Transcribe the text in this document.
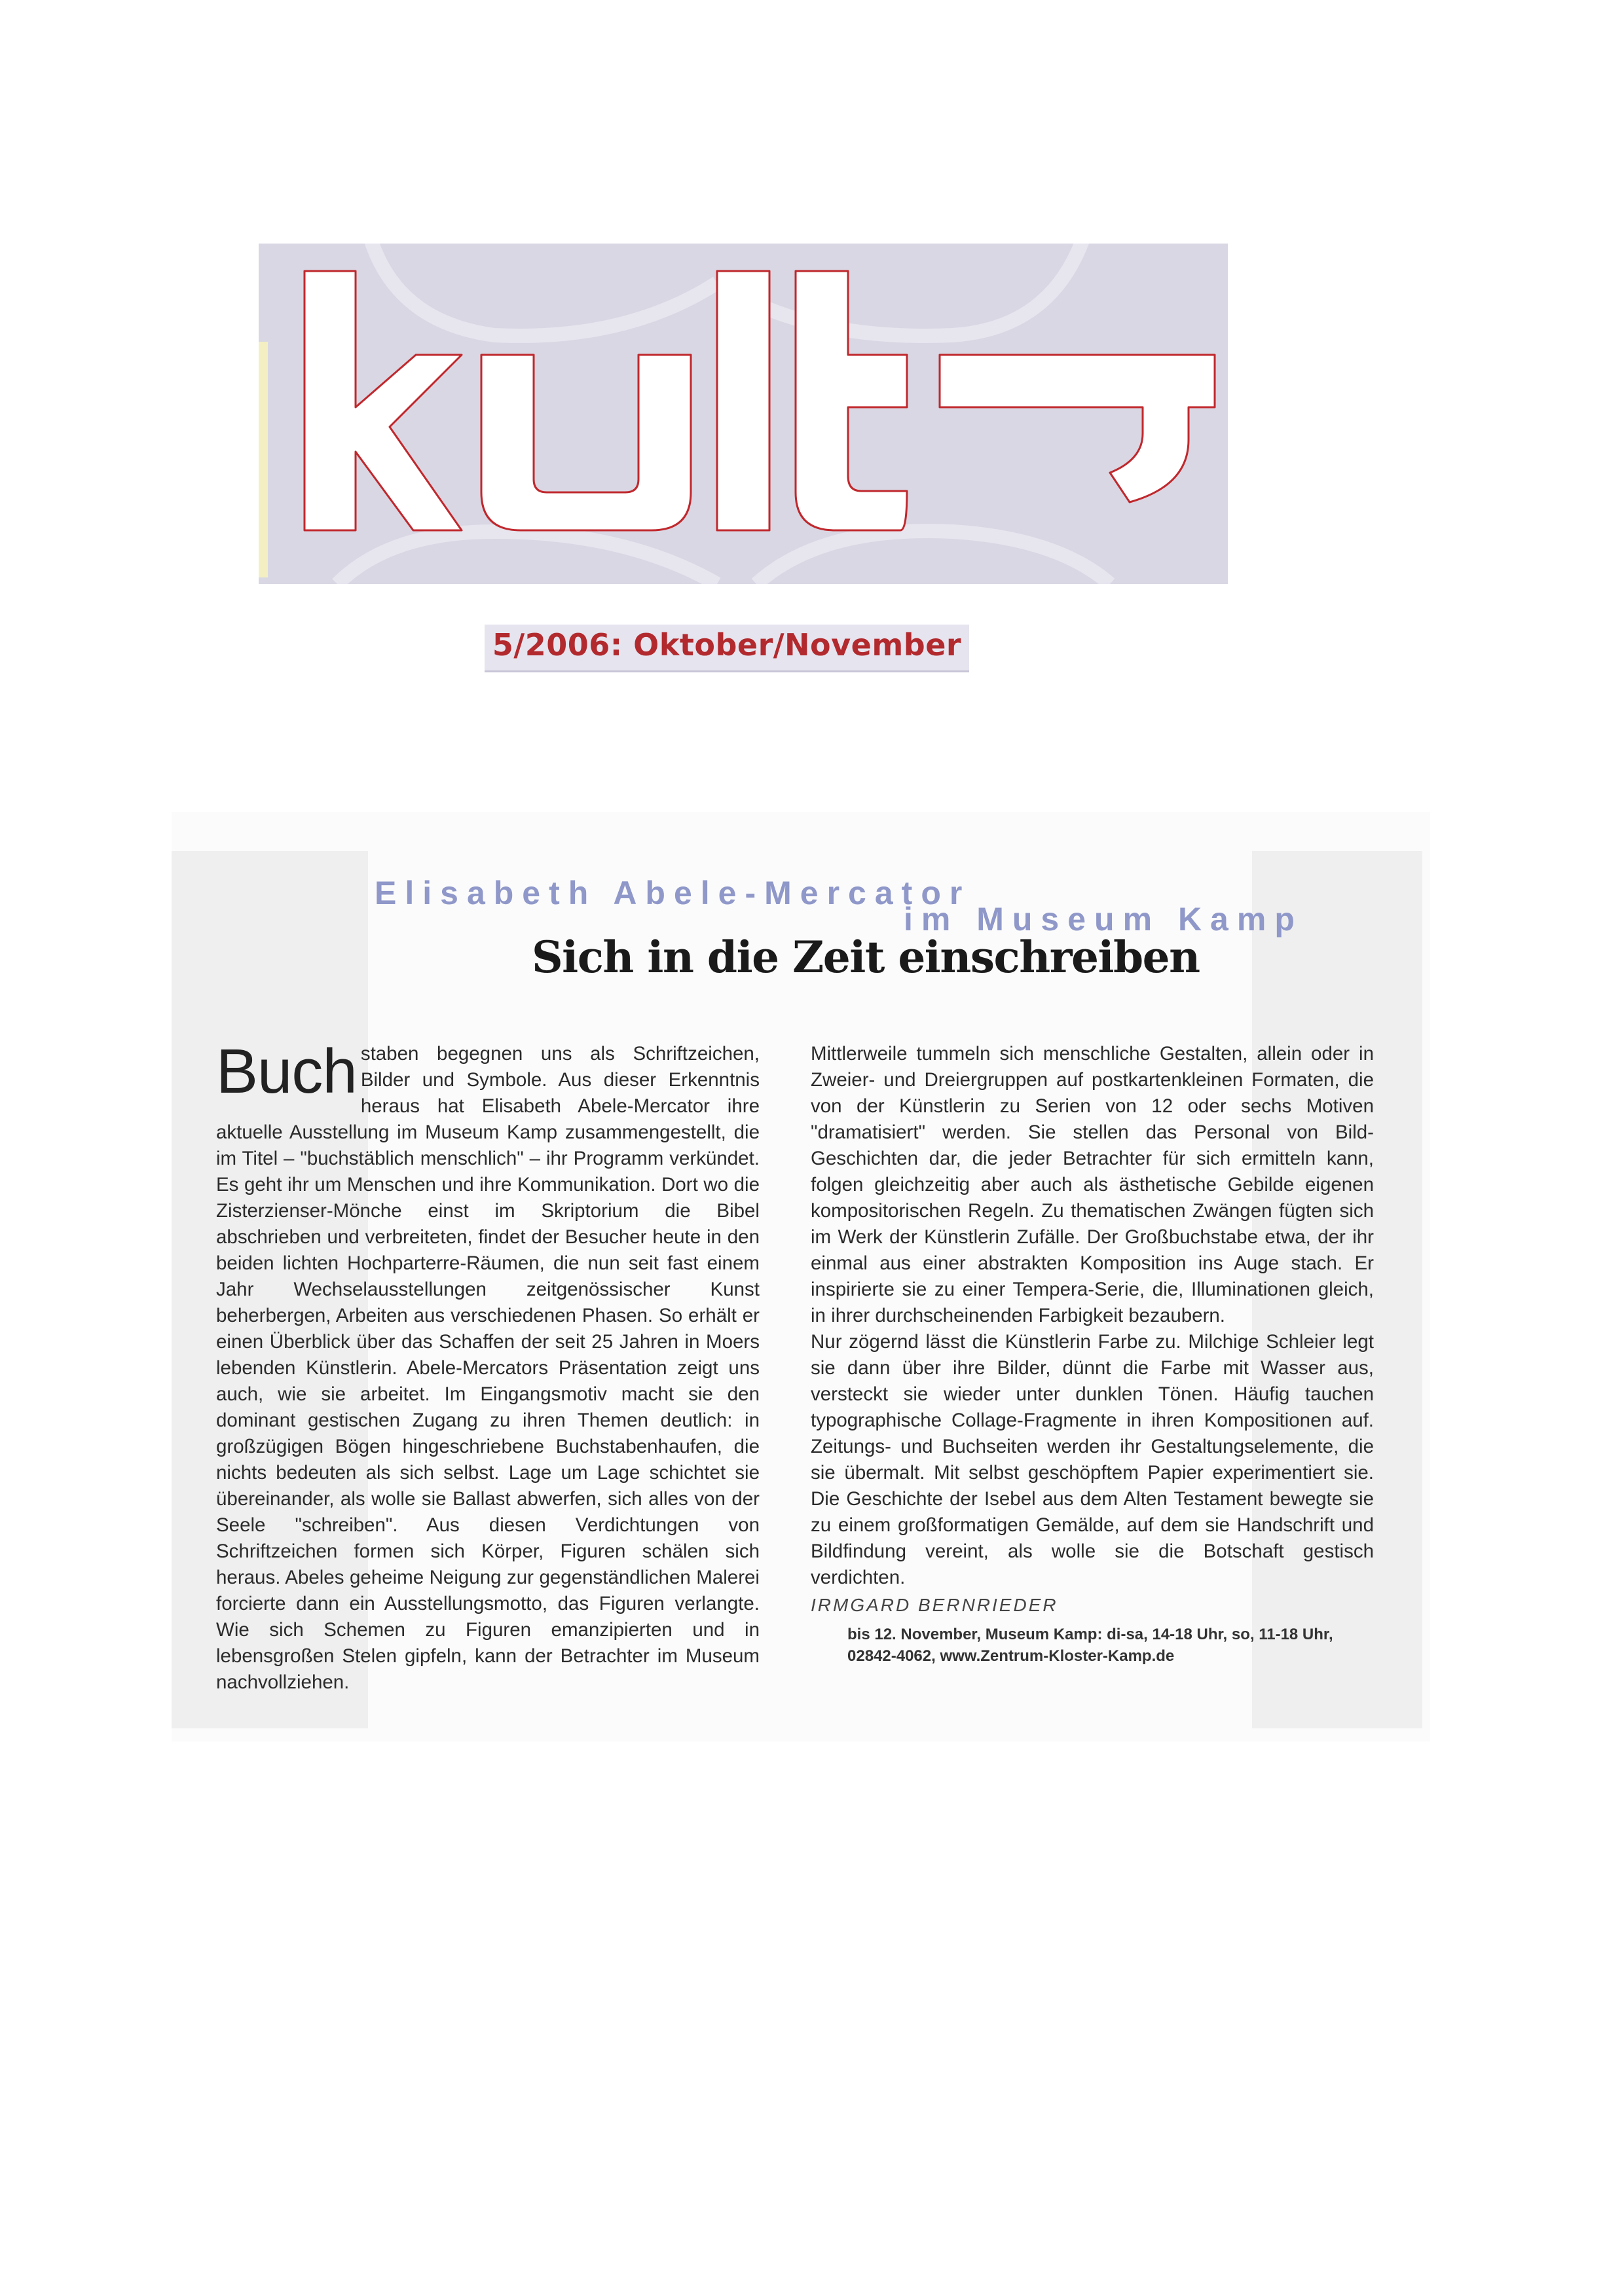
5/2006: Oktober/November
Elisabeth Abele-Mercator
im Museum Kamp
Sich in die Zeit einschreiben

Buch staben begegnen uns als Schriftzeichen, Bilder und Symbole. Aus dieser Erkenntnis heraus hat Elisabeth Abele-Mercator ihre aktuelle Ausstellung im Museum Kamp zusammengestellt, die im Titel – "buchstäblich menschlich" – ihr Programm verkündet. Es geht ihr um Menschen und ihre Kommunikation. Dort wo die Zisterzienser-Mönche einst im Skriptorium die Bibel abschrieben und verbreiteten, findet der Besucher heute in den beiden lichten Hochparterre-Räumen, die nun seit fast einem Jahr Wechselausstellungen zeitgenössischer Kunst beherbergen, Arbeiten aus verschiedenen Phasen. So erhält er einen Überblick über das Schaffen der seit 25 Jahren in Moers lebenden Künstlerin. Abele-Mercators Präsentation zeigt uns auch, wie sie arbeitet. Im Eingangsmotiv macht sie den dominant gestischen Zugang zu ihren Themen deutlich: in großzügigen Bögen hingeschriebene Buchstabenhaufen, die nichts bedeuten als sich selbst. Lage um Lage schichtet sie übereinander, als wolle sie Ballast abwerfen, sich alles von der Seele "schreiben". Aus diesen Verdichtungen von Schriftzeichen formen sich Körper, Figuren schälen sich heraus. Abeles geheime Neigung zur gegenständlichen Malerei forcierte dann ein Ausstellungsmotto, das Figuren verlangte. Wie sich Schemen zu Figuren emanzipierten und in lebensgroßen Stelen gipfeln, kann der Betrachter im Museum nachvollziehen.

Mittlerweile tummeln sich menschliche Gestalten, allein oder in Zweier- und Dreiergruppen auf postkartenkleinen Formaten, die von der Künstlerin zu Serien von 12 oder sechs Motiven "dramatisiert" werden. Sie stellen das Personal von Bild-Geschichten dar, die jeder Betrachter für sich ermitteln kann, folgen gleichzeitig aber auch als ästhetische Gebilde eigenen kompositorischen Regeln. Zu thematischen Zwängen fügten sich im Werk der Künstlerin Zufälle. Der Großbuchstabe etwa, der ihr einmal aus einer abstrakten Komposition ins Auge stach. Er inspirierte sie zu einer Tempera-Serie, die, Illuminationen gleich, in ihrer durchscheinenden Farbigkeit bezaubern.

Nur zögernd lässt die Künstlerin Farbe zu. Milchige Schleier legt sie dann über ihre Bilder, dünnt die Farbe mit Wasser aus, versteckt sie wieder unter dunklen Tönen. Häufig tauchen typographische Collage-Fragmente in ihren Kompositionen auf. Zeitungs- und Buchseiten werden ihr Gestaltungselemente, die sie übermalt. Mit selbst geschöpftem Papier experimentiert sie. Die Geschichte der Isebel aus dem Alten Testament bewegte sie zu einem großformatigen Gemälde, auf dem sie Handschrift und Bildfindung vereint, als wolle sie die Botschaft gestisch verdichten.

IRMGARD BERNRIEDER
bis 12. November, Museum Kamp: di-sa, 14-18 Uhr, so, 11-18 Uhr,
02842-4062, www.Zentrum-Kloster-Kamp.de
